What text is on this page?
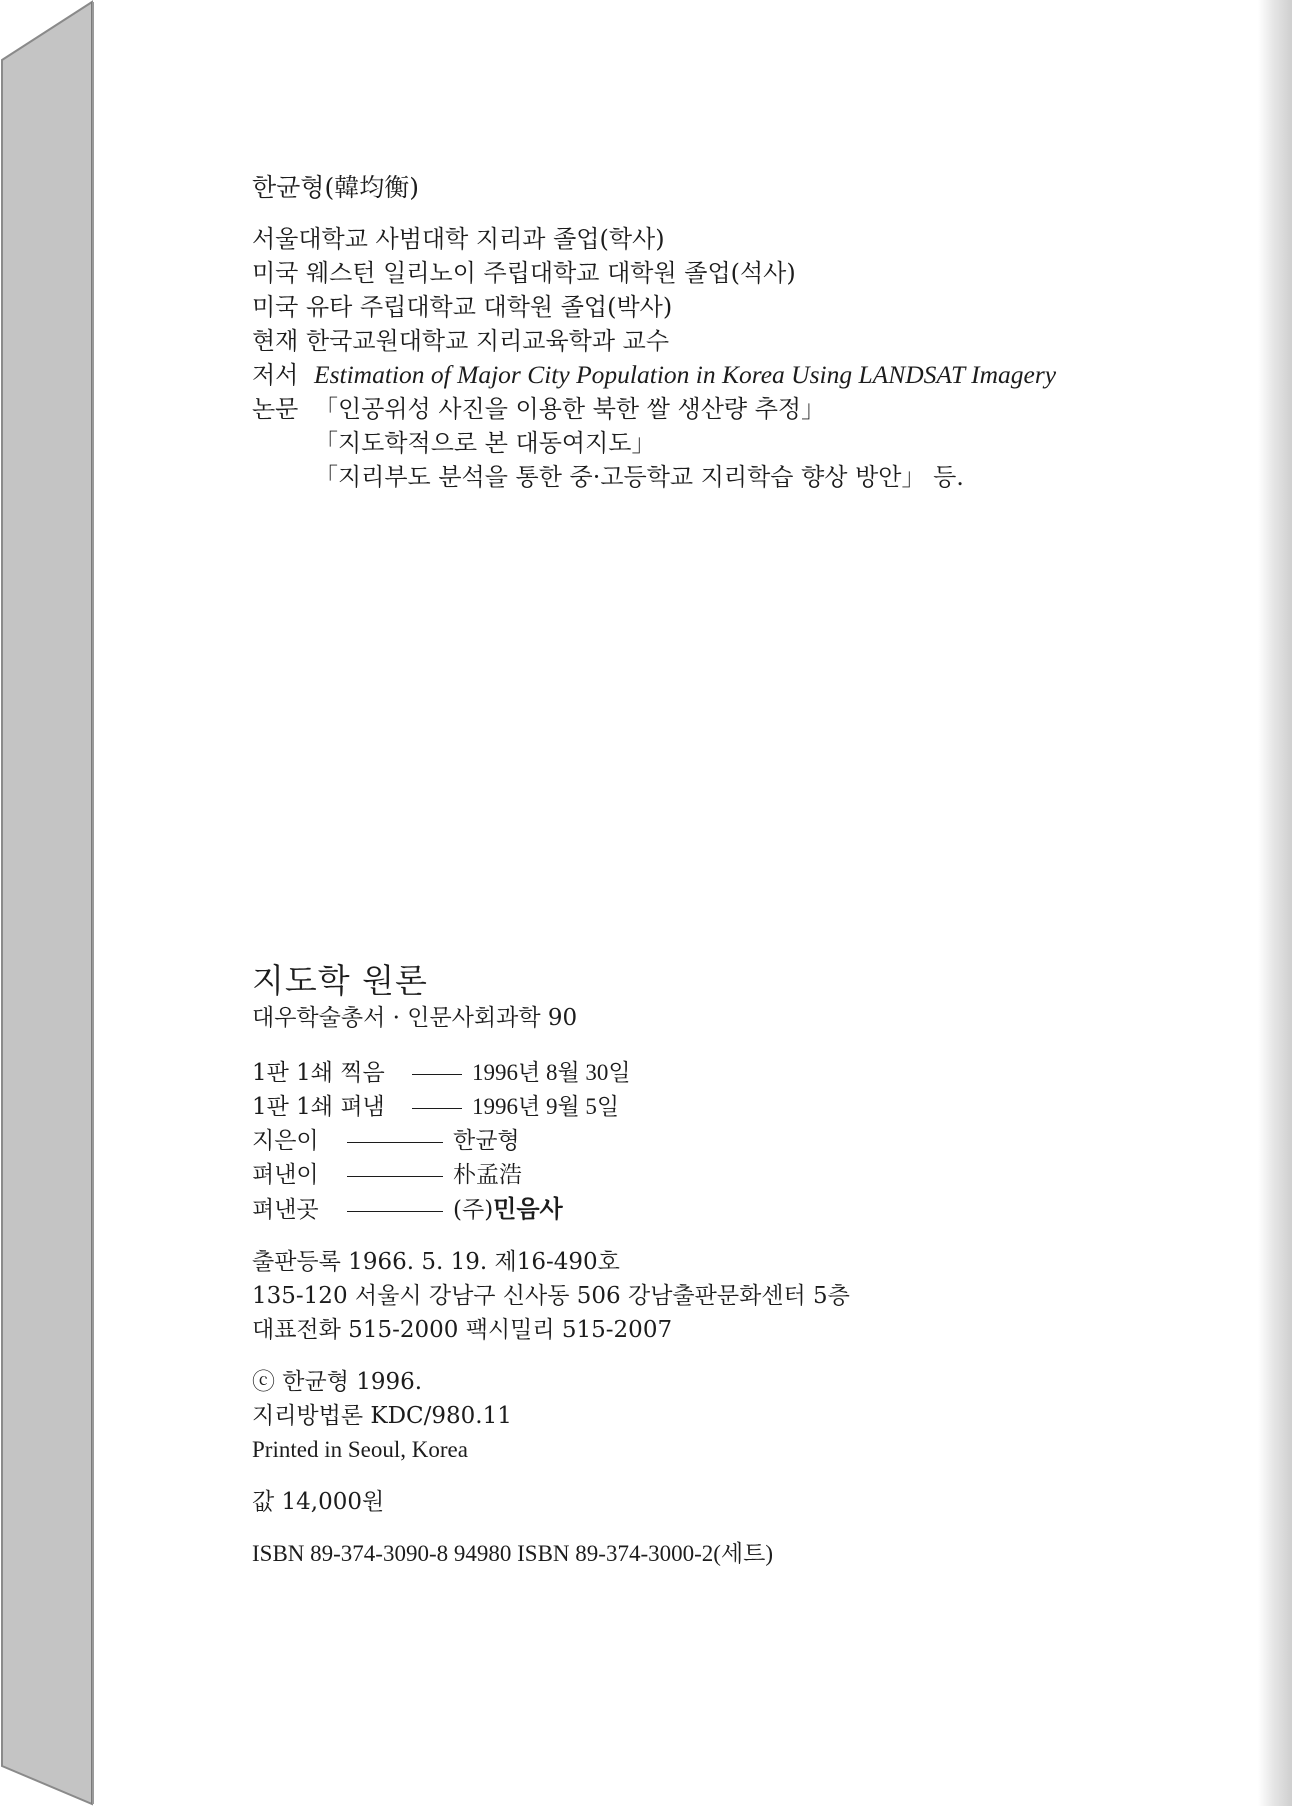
한균형(韓均衡)
서울대학교 사범대학 지리과 졸업(학사)
미국 웨스턴 일리노이 주립대학교 대학원 졸업(석사)
미국 유타 주립대학교 대학원 졸업(박사)
현재 한국교원대학교 지리교육학과 교수
저서 Estimation of Major City Population in Korea Using LANDSAT Imagery
논문 「인공위성 사진을 이용한 북한 쌀 생산량 추정」
「지도학적으로 본 대동여지도」
「지리부도 분석을 통한 중·고등학교 지리학습 향상 방안」 등.
지도학 원론
대우학술총서 · 인문사회과학 90
1판 1쇄 찍음	1996년 8월 30일
1판 1쇄 펴냄	1996년 9월 5일
지은이	한균형
펴낸이	朴孟浩
펴낸곳	(주)민음사
출판등록 1966. 5. 19. 제16-490호
135-120 서울시 강남구 신사동 506 강남출판문화센터 5층
대표전화 515-2000 팩시밀리 515-2007
ⓒ 한균형 1996.
지리방법론 KDC/980.11
Printed in Seoul, Korea
값 14,000원
ISBN 89-374-3090-8 94980 ISBN 89-374-3000-2(세트)
